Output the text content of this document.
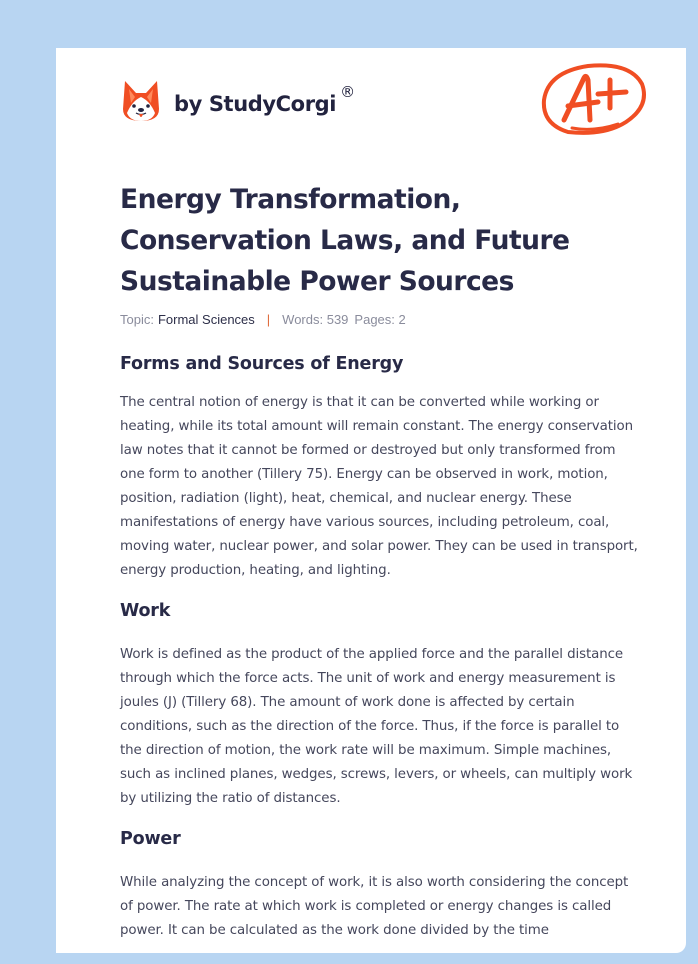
by StudyCorgi ®
Energy Transformation, Conservation Laws, and Future Sustainable Power Sources
Topic: Formal Sciences | Words: 539 Pages: 2
Forms and Sources of Energy

The central notion of energy is that it can be converted while working or heating, while its total amount will remain constant. The energy conservation law notes that it cannot be formed or destroyed but only transformed from one form to another (Tillery 75). Energy can be observed in work, motion, position, radiation (light), heat, chemical, and nuclear energy. These manifestations of energy have various sources, including petroleum, coal, moving water, nuclear power, and solar power. They can be used in transport, energy production, heating, and lighting.

Work

Work is defined as the product of the applied force and the parallel distance through which the force acts. The unit of work and energy measurement is joules (J) (Tillery 68). The amount of work done is affected by certain conditions, such as the direction of the force. Thus, if the force is parallel to the direction of motion, the work rate will be maximum. Simple machines, such as inclined planes, wedges, screws, levers, or wheels, can multiply work by utilizing the ratio of distances.

Power

While analyzing the concept of work, it is also worth considering the concept of power. The rate at which work is completed or energy changes is called power. It can be calculated as the work done divided by the time
